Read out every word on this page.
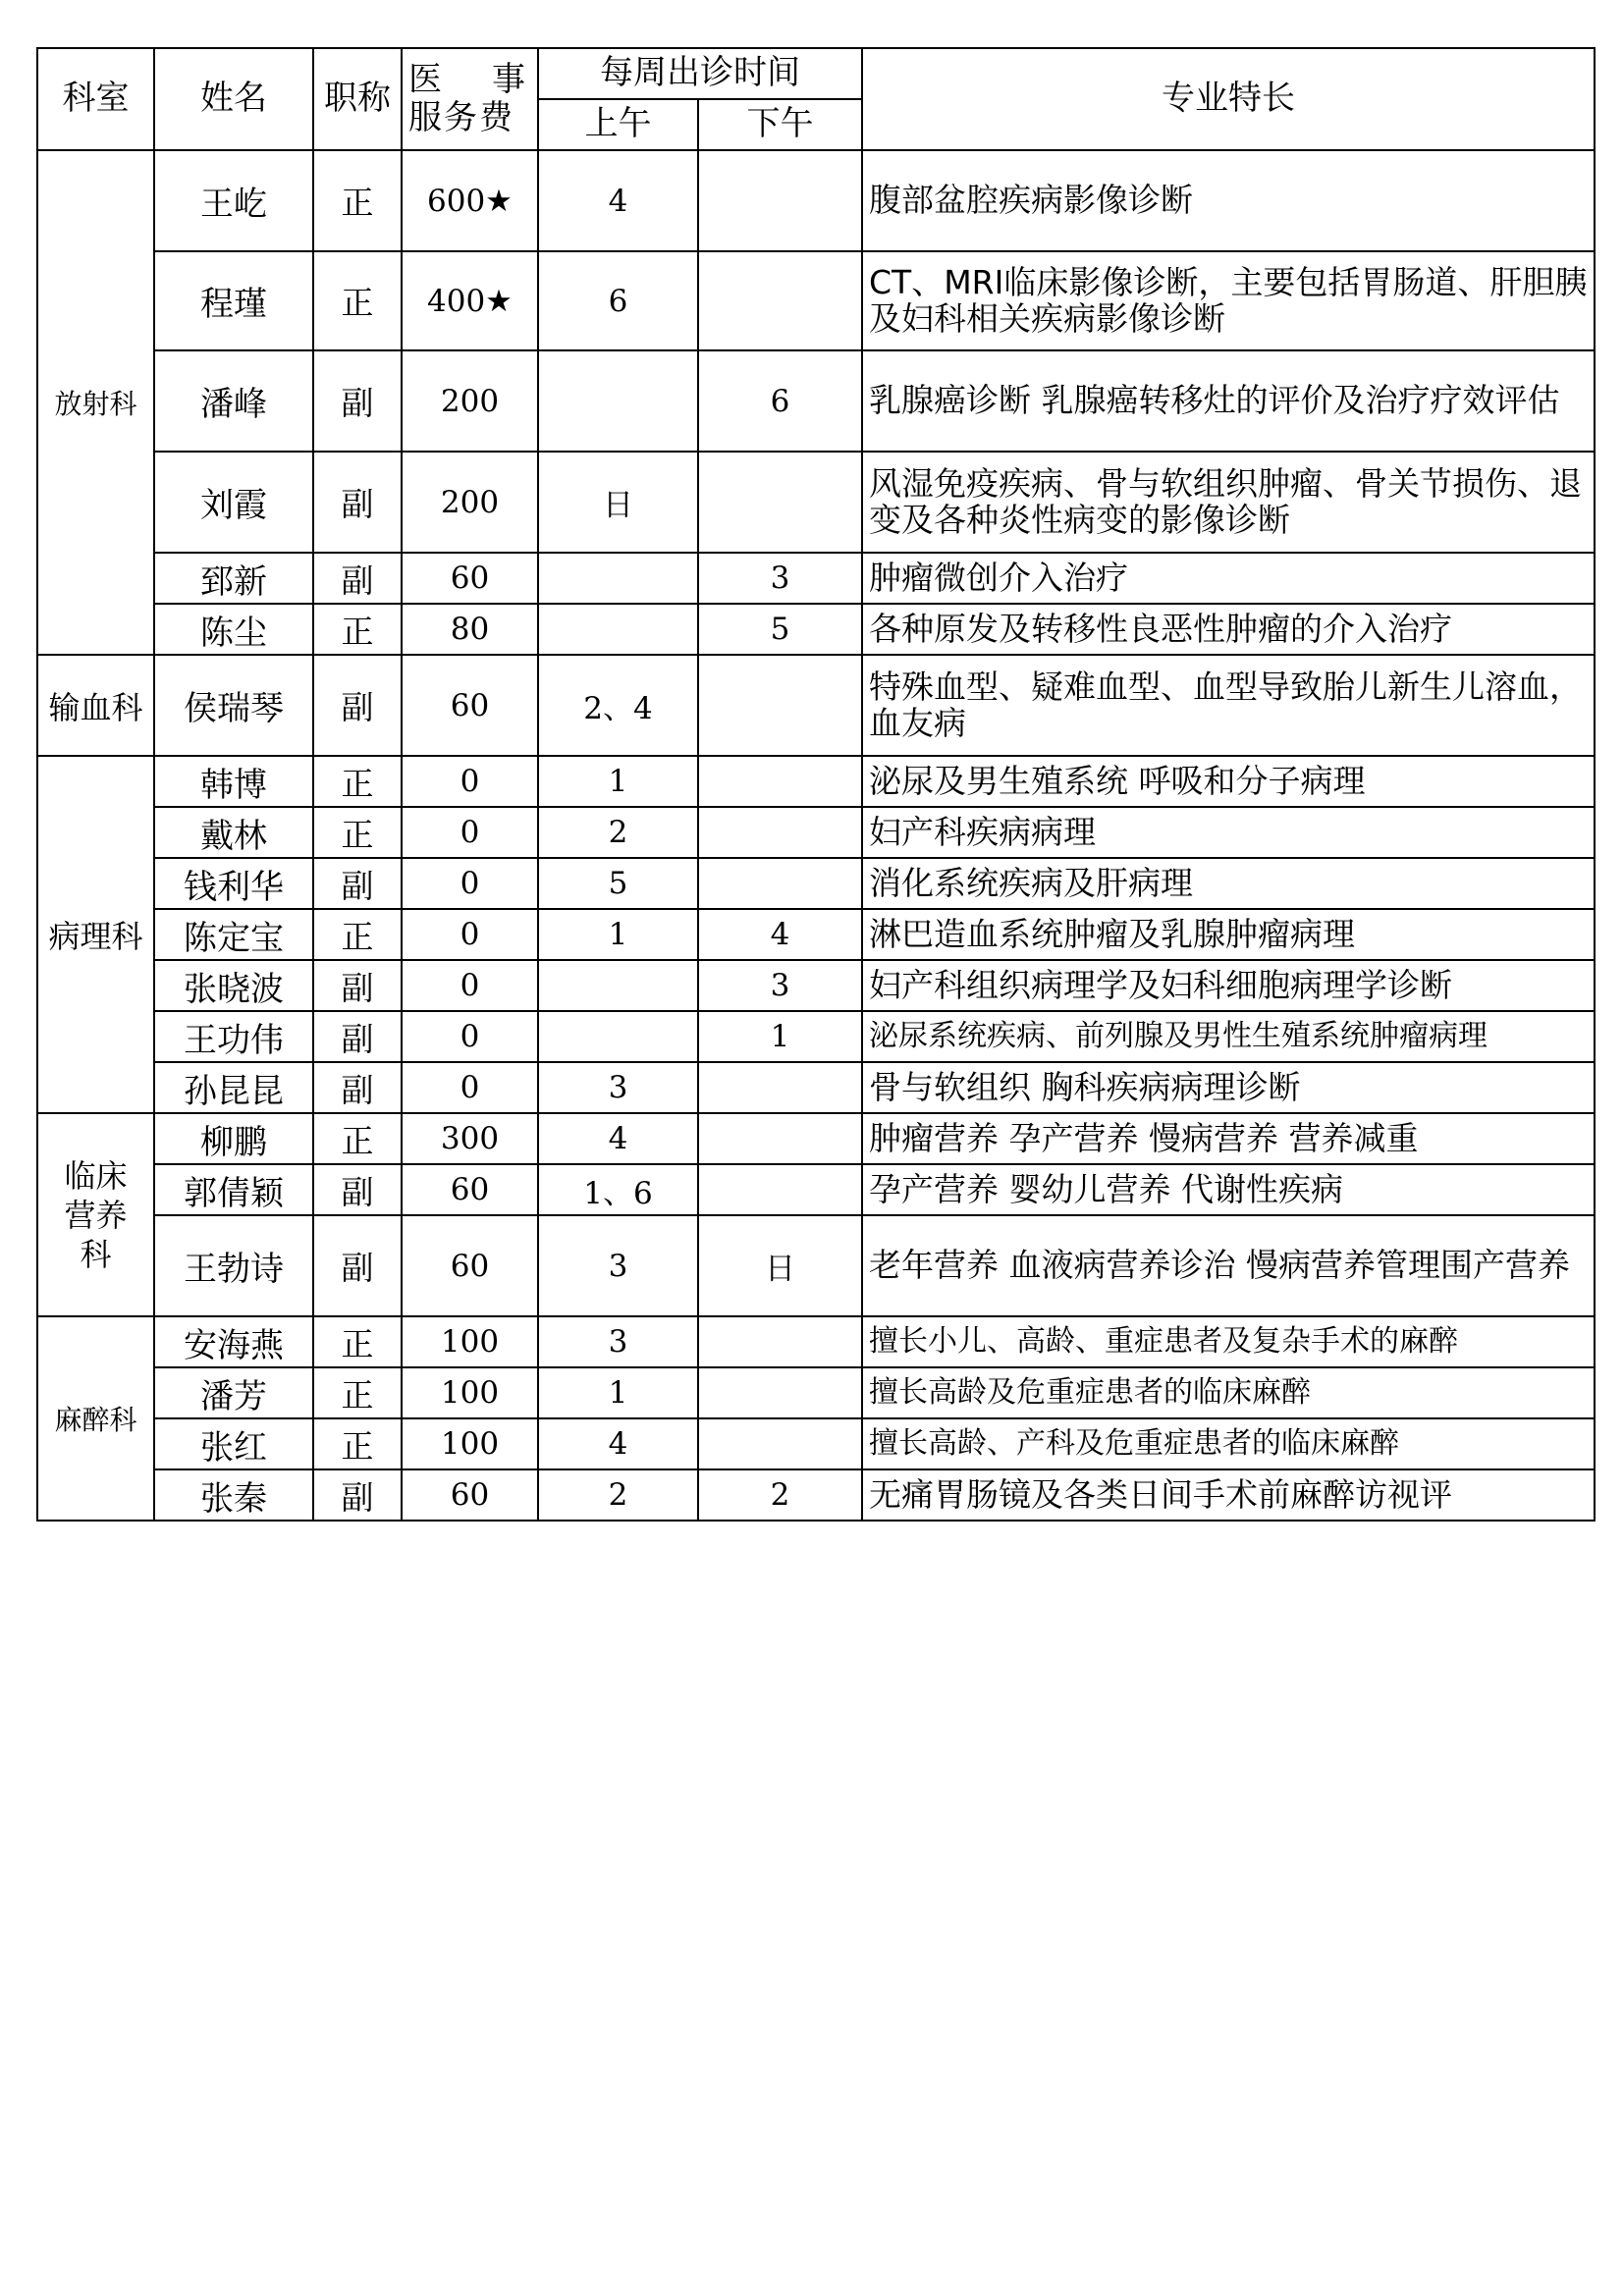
科室	姓名	职称	医 事
服务费	每周出诊时间		专业特长
				上午	下午	
放射科	王屹	正	600★	4		腹部盆腔疾病影像诊断
	程瑾	正	400★	6		CT、MRI临床影像诊断，主要包括胃肠道、肝胆胰及妇科相关疾病影像诊断
	潘峰	副	200		6	乳腺癌诊断 乳腺癌转移灶的评价及治疗疗效评估
	刘霞	副	200	日		风湿免疫疾病、骨与软组织肿瘤、骨关节损伤、退变及各种炎性病变的影像诊断
	郅新	副	60		3	肿瘤微创介入治疗
	陈尘	正	80		5	各种原发及转移性良恶性肿瘤的介入治疗
输血科	侯瑞琴	副	60	2、4		特殊血型、疑难血型、血型导致胎儿新生儿溶血，血友病
病理科	韩博	正	0	1		泌尿及男生殖系统 呼吸和分子病理
	戴林	正	0	2		妇产科疾病病理
	钱利华	副	0	5		消化系统疾病及肝病理
	陈定宝	正	0	1	4	淋巴造血系统肿瘤及乳腺肿瘤病理
	张晓波	副	0		3	妇产科组织病理学及妇科细胞病理学诊断
	王功伟	副	0		1	泌尿系统疾病、前列腺及男性生殖系统肿瘤病理
	孙昆昆	副	0	3		骨与软组织 胸科疾病病理诊断

临床
营养
科	柳鹏	正	300	4		肿瘤营养 孕产营养 慢病营养 营养减重
	郭倩颖	副	60	1、6		孕产营养 婴幼儿营养 代谢性疾病
	王勃诗	副	60	3	日	老年营养 血液病营养诊治 慢病营养管理围产营养
麻醉科	安海燕	正	100	3		擅长小儿、高龄、重症患者及复杂手术的麻醉
	潘芳	正	100	1		擅长高龄及危重症患者的临床麻醉
	张红	正	100	4		擅长高龄、产科及危重症患者的临床麻醉
	张秦	副	60	2	2	无痛胃肠镜及各类日间手术前麻醉访视评
